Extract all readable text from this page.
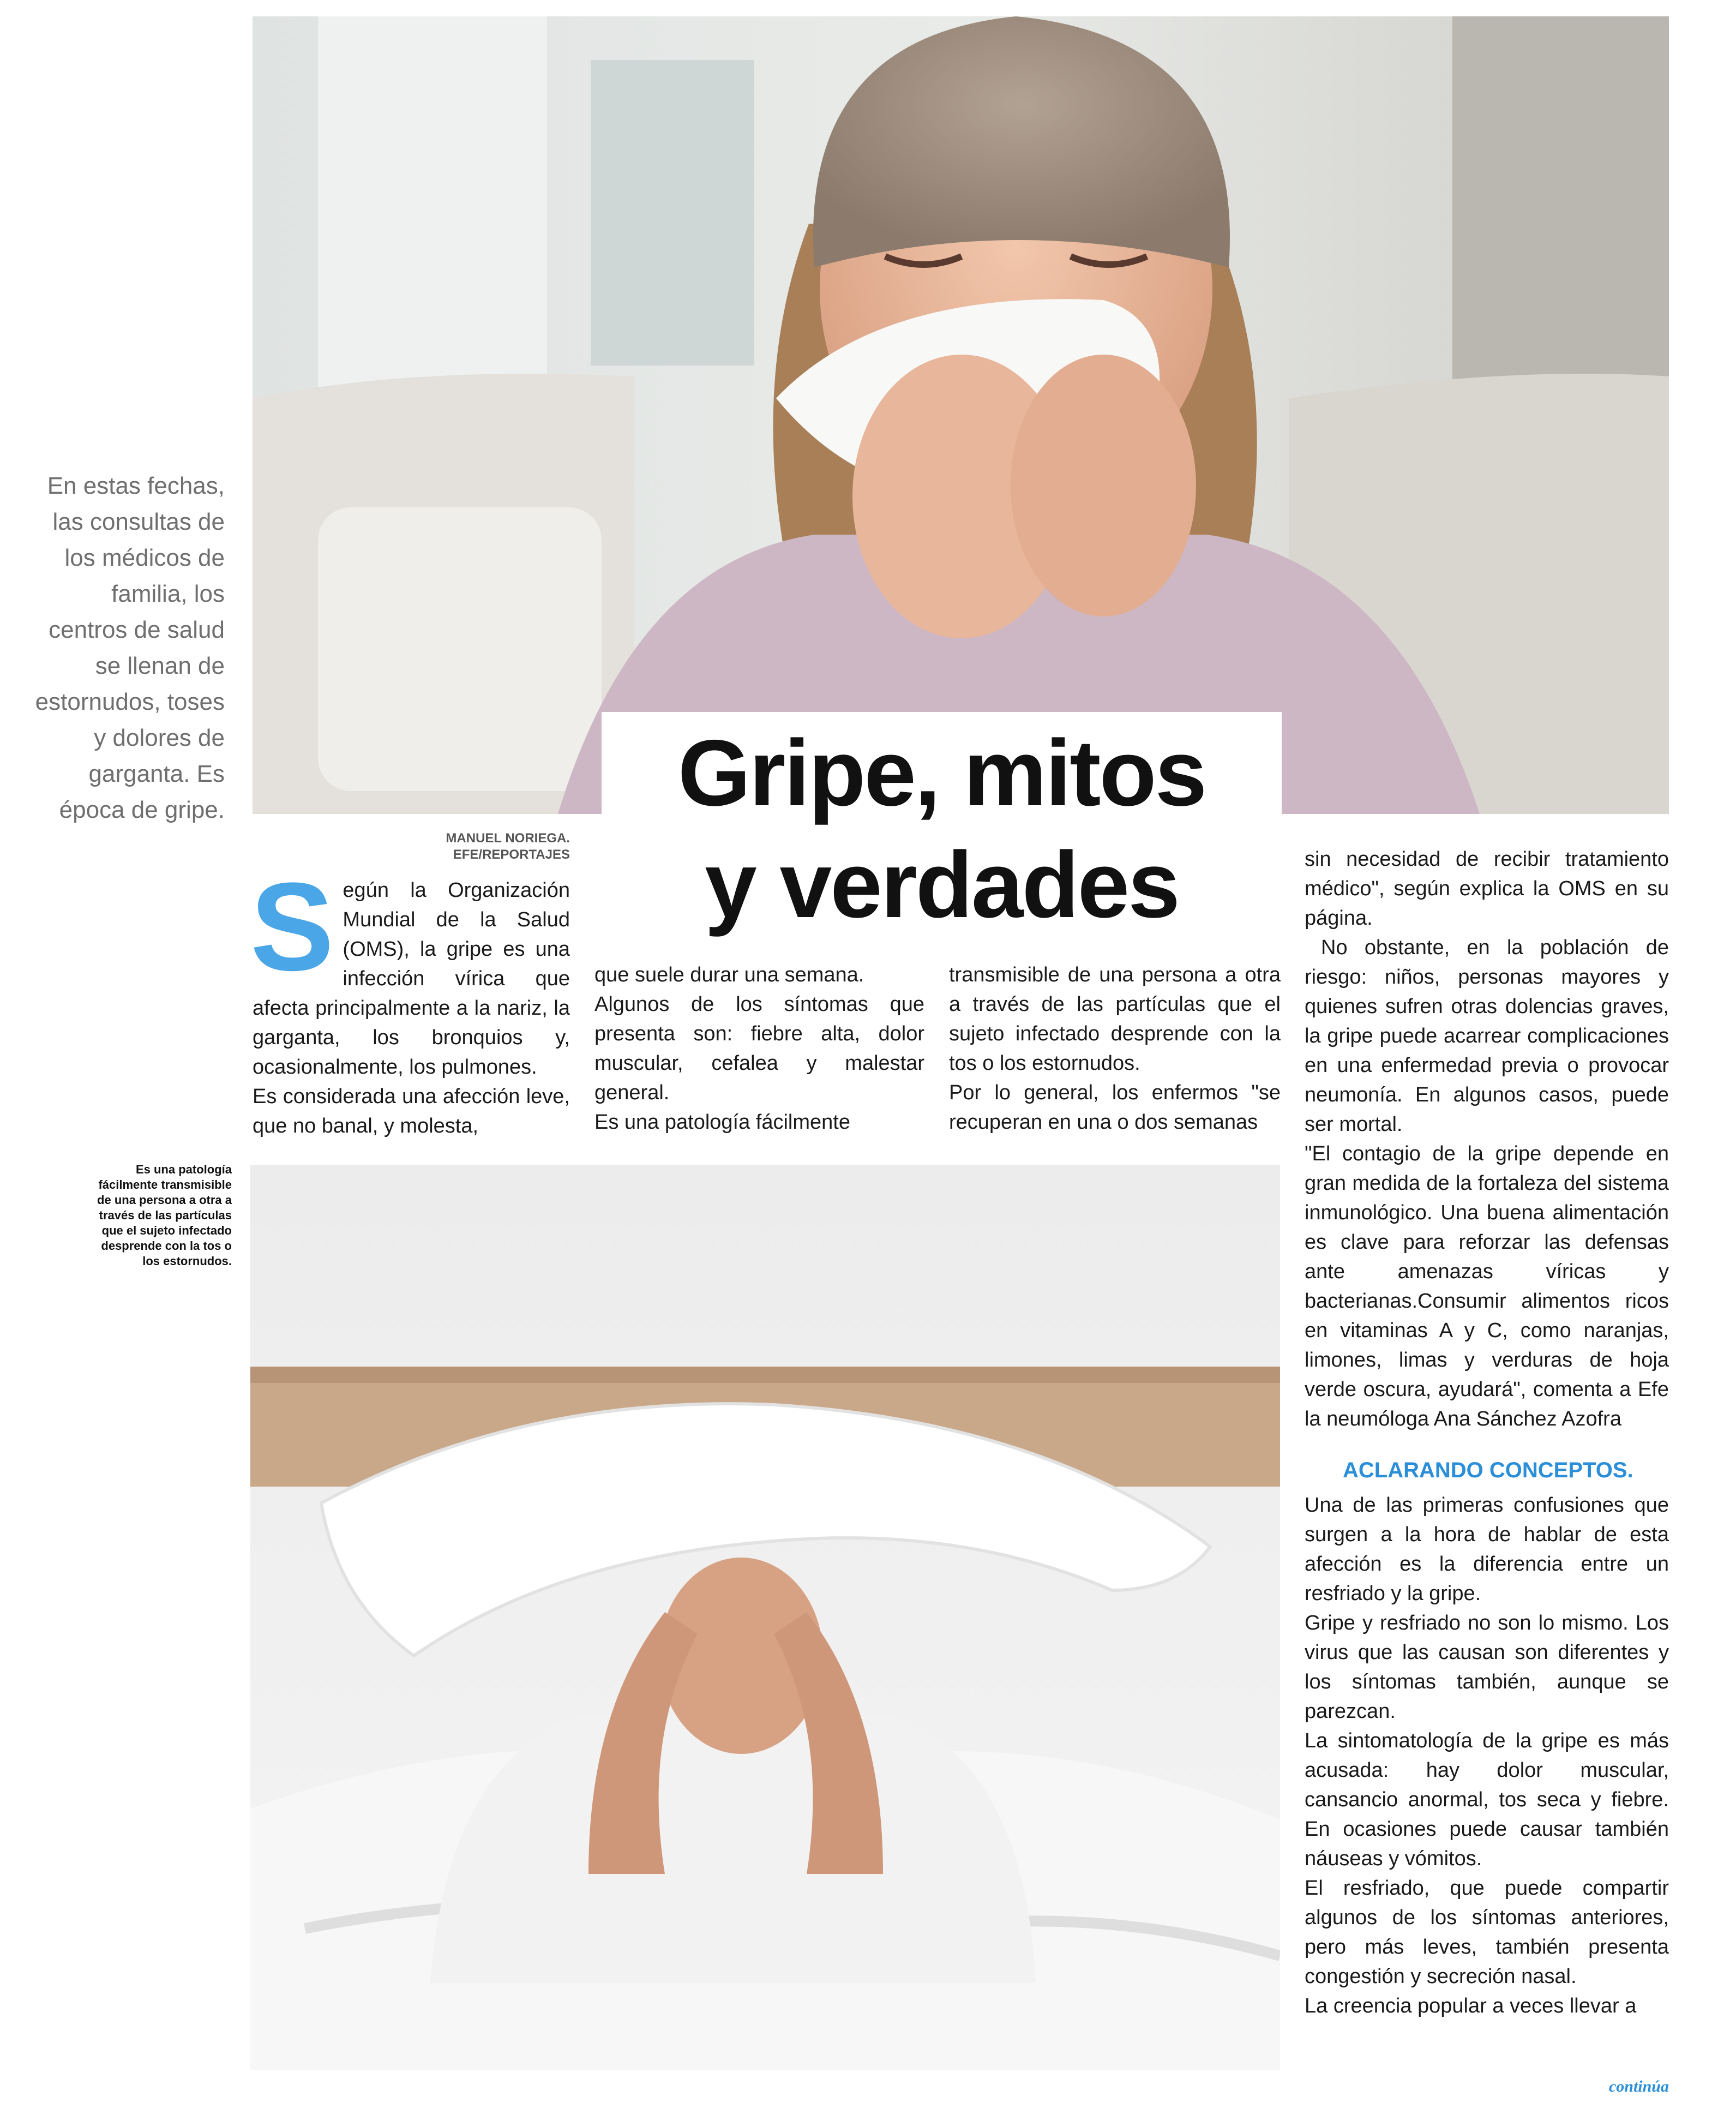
En estas fechas, las consultas de los médicos de familia, los centros de salud se llenan de estornudos, toses y dolores de garganta. Es época de gripe.
Es una patología fácilmente transmisible de una persona a otra a través de las partículas que el sujeto infectado desprende con la tos o los estornudos.
Gripe, mitos
y verdades
MANUEL NORIEGA.
EFE/REPORTAJES

S egún la Organización Mundial de la Salud (OMS), la gripe es una infección vírica que afecta principalmente a la nariz, la garganta, los bronquios y, ocasionalmente, los pulmones.

Es considerada una afección leve, que no banal, y molesta,

que suele durar una semana.

Algunos de los síntomas que presenta son: fiebre alta, dolor muscular, cefalea y malestar general.

Es una patología fácilmente

transmisible de una persona a otra a través de las partículas que el sujeto infectado desprende con la tos o los estornudos.

Por lo general, los enfermos "se recuperan en una o dos semanas

sin necesidad de recibir tratamiento médico", según explica la OMS en su página.

No obstante, en la población de riesgo: niños, personas mayores y quienes sufren otras dolencias graves, la gripe puede acarrear complicaciones en una enfermedad previa o provocar neumonía. En algunos casos, puede ser mortal.

"El contagio de la gripe depende en gran medida de la fortaleza del sistema inmunológico. Una buena alimentación es clave para reforzar las defensas ante amenazas víricas y bacterianas.Consumir alimentos ricos en vitaminas A y C, como naranjas, limones, limas y verduras de hoja verde oscura, ayudará", comenta a Efe la neumóloga Ana Sánchez Azofra

ACLARANDO CONCEPTOS.

Una de las primeras confusiones que surgen a la hora de hablar de esta afección es la diferencia entre un resfriado y la gripe.

Gripe y resfriado no son lo mismo. Los virus que las causan son diferentes y los síntomas también, aunque se parezcan.

La sintomatología de la gripe es más acusada: hay dolor muscular, cansancio anormal, tos seca y fiebre. En ocasiones puede causar también náuseas y vómitos.

El resfriado, que puede compartir algunos de los síntomas anteriores, pero más leves, también presenta congestión y secreción nasal.

La creencia popular a veces llevar a

continúa
